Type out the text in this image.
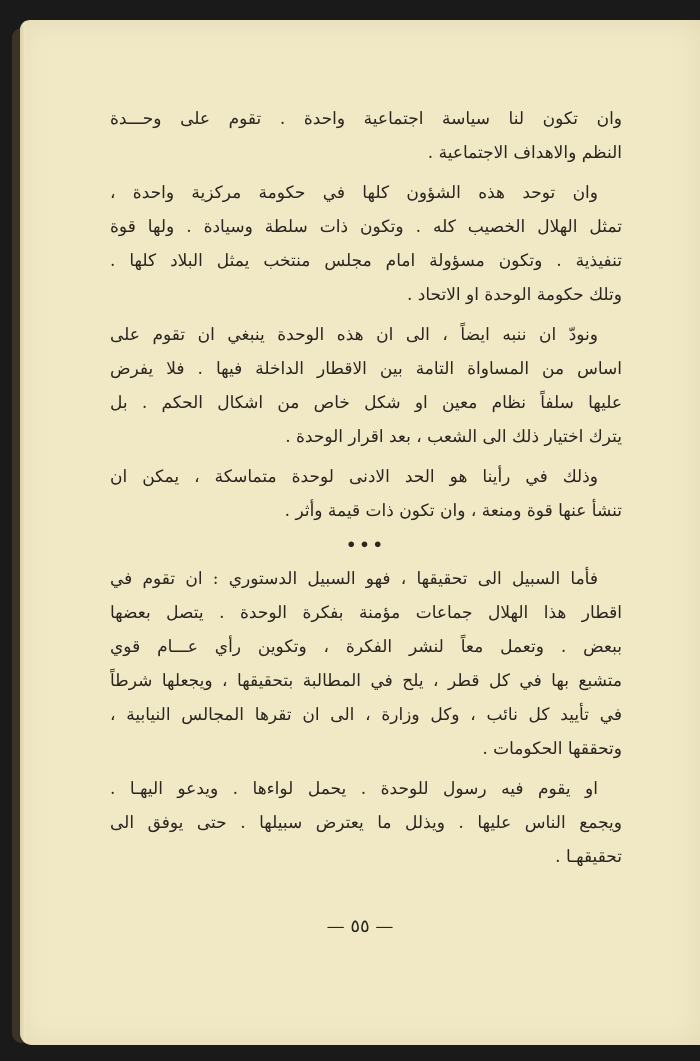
وان تكون لنا سياسة اجتماعية واحدة . تقوم على وحـــدة
النظم والاهداف الاجتماعية .
وان توحد هذه الشؤون كلها في حكومة مركزية واحدة ،
تمثل الهلال الخصيب كله . وتكون ذات سلطة وسيادة . ولها قوة
تنفيذية . وتكون مسؤولة امام مجلس منتخب يمثل البلاد كلها .
وتلك حكومة الوحدة او الاتحاد .
ونودّ ان ننبه ايضاً ، الى ان هذه الوحدة ينبغي ان تقوم على
اساس من المساواة التامة بين الاقطار الداخلة فيها . فلا يفرض
عليها سلفاً نظام معين او شكل خاص من اشكال الحكم . بل
يترك اختيار ذلك الى الشعب ، بعد اقرار الوحدة .
وذلك في رأينا هو الحد الادنى لوحدة متماسكة ، يمكن ان
تنشأ عنها قوة ومنعة ، وان تكون ذات قيمة وأثر .
•••
فأما السبيل الى تحقيقها ، فهو السبيل الدستوري : ان تقوم في
اقطار هذا الهلال جماعات مؤمنة بفكرة الوحدة . يتصل بعضها
ببعض . وتعمل معاً لنشر الفكرة ، وتكوين رأي عـــام قوي
متشبع بها في كل قطر ، يلح في المطالبة بتحقيقها ، ويجعلها شرطاً
في تأييد كل نائب ، وكل وزارة ، الى ان تقرها المجالس النيابية ،
وتحققها الحكومات .
او يقوم فيه رسول للوحدة . يحمل لواءها . ويدعو اليهـا .
ويجمع الناس عليها . ويذلل ما يعترض سبيلها . حتى يوفق الى
تحقيقهـا .
— ٥٥ —
